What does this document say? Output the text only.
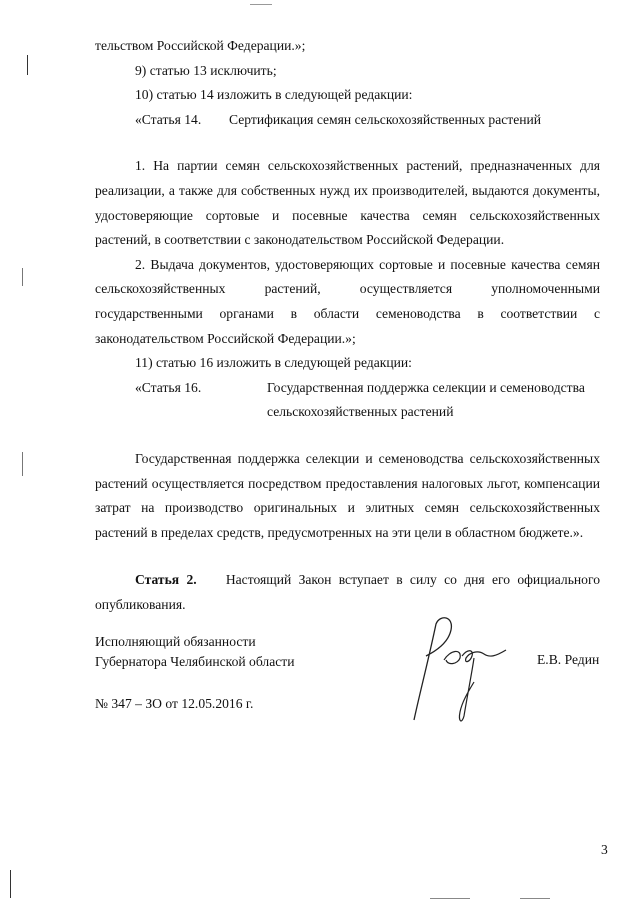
тельством Российской Федерации.»;

9) статью 13 исключить;

10) статью 14 изложить в следующей редакции:

«Статья 14.	Сертификация семян сельскохозяйственных растений

1. На партии семян сельскохозяйственных растений, предназначенных для реализации, а также для собственных нужд их производителей, выдаются документы, удостоверяющие сортовые и посевные качества семян сельскохозяйственных растений, в соответствии с законодательством Российской Федерации.

2. Выдача документов, удостоверяющих сортовые и посевные качества семян сельскохозяйственных растений, осуществляется уполномоченными государственными органами в области семеноводства в соответствии с законодательством Российской Федерации.»;

11) статью 16 изложить в следующей редакции:

«Статья 16.	Государственная поддержка селекции и семеноводства сельскохозяйственных растений

Государственная поддержка селекции и семеноводства сельскохозяйственных растений осуществляется посредством предоставления налоговых льгот, компенсации затрат на производство оригинальных и элитных семян сельскохозяйственных растений в пределах средств, предусмотренных на эти цели в областном бюджете.».

Статья 2. Настоящий Закон вступает в силу со дня его официального опубликования.

Исполняющий обязанности
Губернатора Челябинской области	Е.В. Редин
№ 347 – ЗО от 12.05.2016 г.
3
